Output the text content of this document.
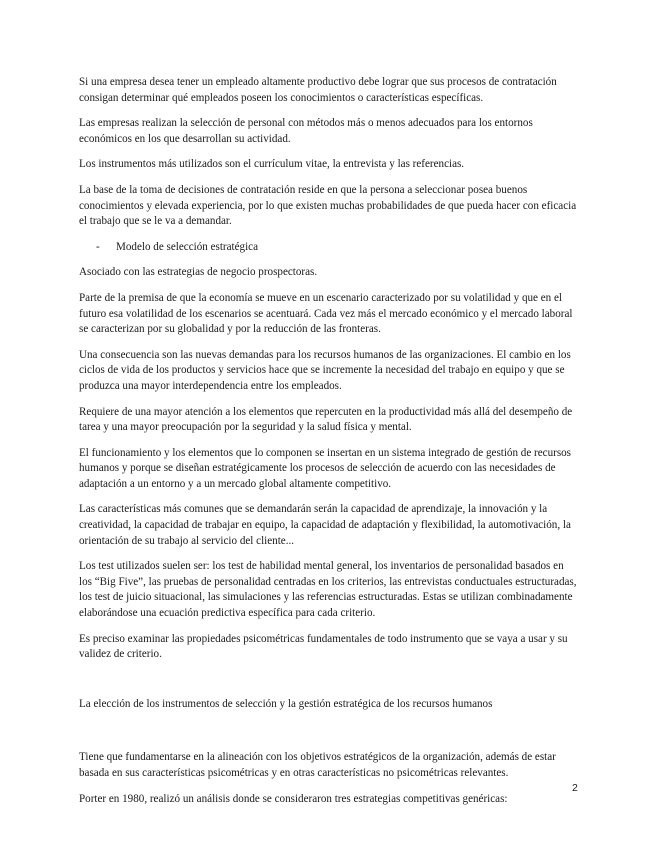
Si una empresa desea tener un empleado altamente productivo debe lograr que sus procesos de contratación consigan determinar qué empleados poseen los conocimientos o características específicas.

Las empresas realizan la selección de personal con métodos más o menos adecuados para los entornos económicos en los que desarrollan su actividad.

Los instrumentos más utilizados son el currículum vitae, la entrevista y las referencias.

La base de la toma de decisiones de contratación reside en que la persona a seleccionar posea buenos conocimientos y elevada experiencia, por lo que existen muchas probabilidades de que pueda hacer con eficacia el trabajo que se le va a demandar.

- Modelo de selección estratégica

Asociado con las estrategias de negocio prospectoras.

Parte de la premisa de que la economía se mueve en un escenario caracterizado por su volatilidad y que en el futuro esa volatilidad de los escenarios se acentuará. Cada vez más el mercado económico y el mercado laboral se caracterizan por su globalidad y por la reducción de las fronteras.

Una consecuencia son las nuevas demandas para los recursos humanos de las organizaciones. El cambio en los ciclos de vida de los productos y servicios hace que se incremente la necesidad del trabajo en equipo y que se produzca una mayor interdependencia entre los empleados.

Requiere de una mayor atención a los elementos que repercuten en la productividad más allá del desempeño de tarea y una mayor preocupación por la seguridad y la salud física y mental.

El funcionamiento y los elementos que lo componen se insertan en un sistema integrado de gestión de recursos humanos y porque se diseñan estratégicamente los procesos de selección de acuerdo con las necesidades de adaptación a un entorno y a un mercado global altamente competitivo.

Las características más comunes que se demandarán serán la capacidad de aprendizaje, la innovación y la creatividad, la capacidad de trabajar en equipo, la capacidad de adaptación y flexibilidad, la automotivación, la orientación de su trabajo al servicio del cliente...

Los test utilizados suelen ser: los test de habilidad mental general, los inventarios de personalidad basados en los “Big Five”, las pruebas de personalidad centradas en los criterios, las entrevistas conductuales estructuradas, los test de juicio situacional, las simulaciones y las referencias estructuradas. Estas se utilizan combinadamente elaborándose una ecuación predictiva específica para cada criterio.

Es preciso examinar las propiedades psicométricas fundamentales de todo instrumento que se vaya a usar y su validez de criterio.

La elección de los instrumentos de selección y la gestión estratégica de los recursos humanos

Tiene que fundamentarse en la alineación con los objetivos estratégicos de la organización, además de estar basada en sus características psicométricas y en otras características no psicométricas relevantes.

Porter en 1980, realizó un análisis donde se consideraron tres estrategias competitivas genéricas:

2
